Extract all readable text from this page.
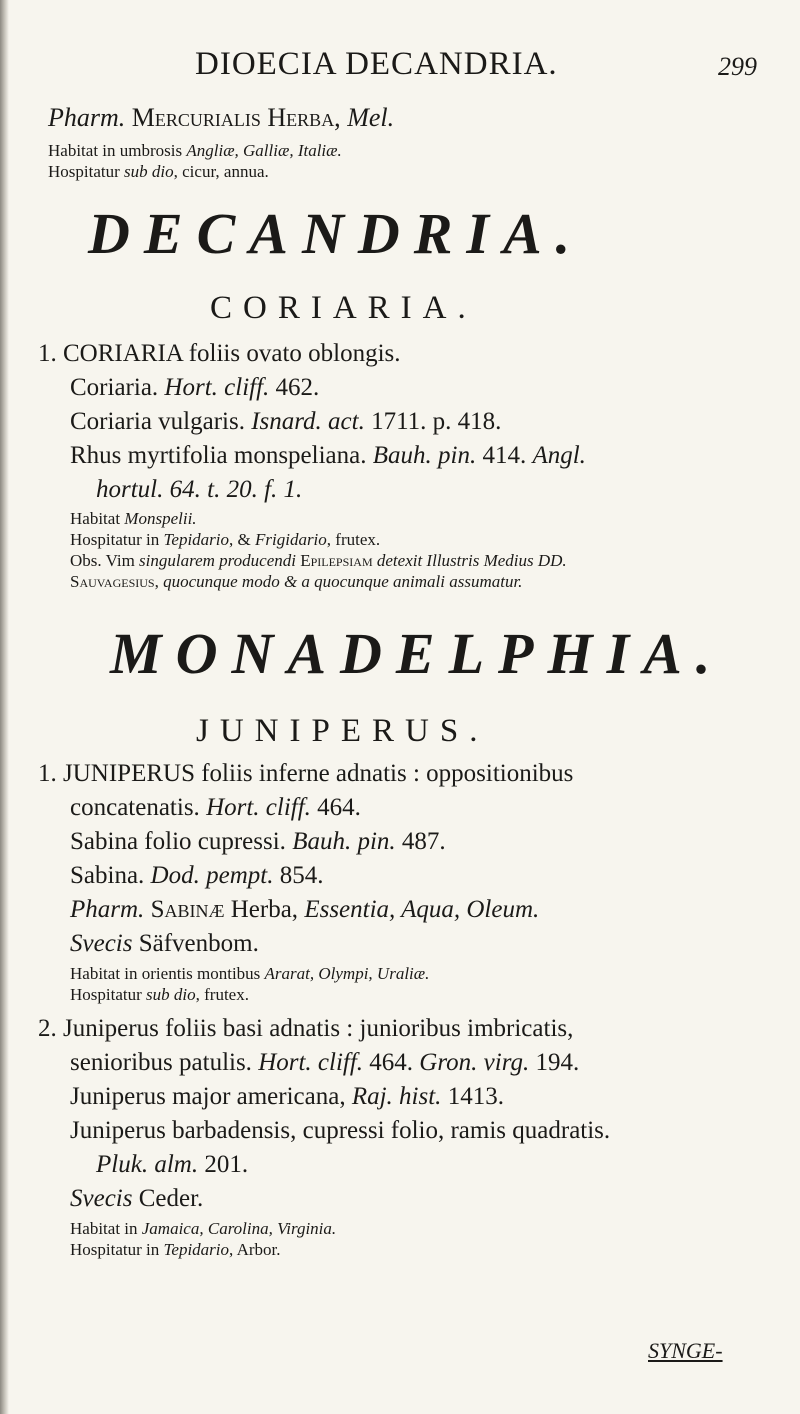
DIOECIA DECANDRIA.	299
Pharm. Mercurialis Herba, Mel.
Habitat in umbrosis Angliæ, Galliæ, Italiæ.
Hospitatur sub dio, cicur, annua.
DECANDRIA.
CORIARIA.
1. CORIARIA foliis ovato oblongis.
Coriaria. Hort. cliff. 462.
Coriaria vulgaris. Isnard. act. 1711. p. 418.
Rhus myrtifolia monspeliana. Bauh. pin. 414. Angl.
hortul. 64. t. 20. f. 1.
Habitat Monspelii.
Hospitatur in Tepidario, & Frigidario, frutex.
Obs. Vim singularem producendi Epilepsiam detexit Illustris Medius DD.
Sauvagesius, quocunque modo & a quocunque animali assumatur.
MONADELPHIA.
JUNIPERUS.
1. JUNIPERUS foliis inferne adnatis : oppositionibus
concatenatis. Hort. cliff. 464.
Sabina folio cupressi. Bauh. pin. 487.
Sabina. Dod. pempt. 854.
Pharm. Sabinæ Herba, Essentia, Aqua, Oleum.
Svecis Säfvenbom.
Habitat in orientis montibus Ararat, Olympi, Uraliæ.
Hospitatur sub dio, frutex.
2. Juniperus foliis basi adnatis : junioribus imbricatis,
senioribus patulis. Hort. cliff. 464. Gron. virg. 194.
Juniperus major americana, Raj. hist. 1413.
Juniperus barbadensis, cupressi folio, ramis quadratis.
Pluk. alm. 201.
Svecis Ceder.
Habitat in Jamaica, Carolina, Virginia.
Hospitatur in Tepidario, Arbor.
SYNGE-
